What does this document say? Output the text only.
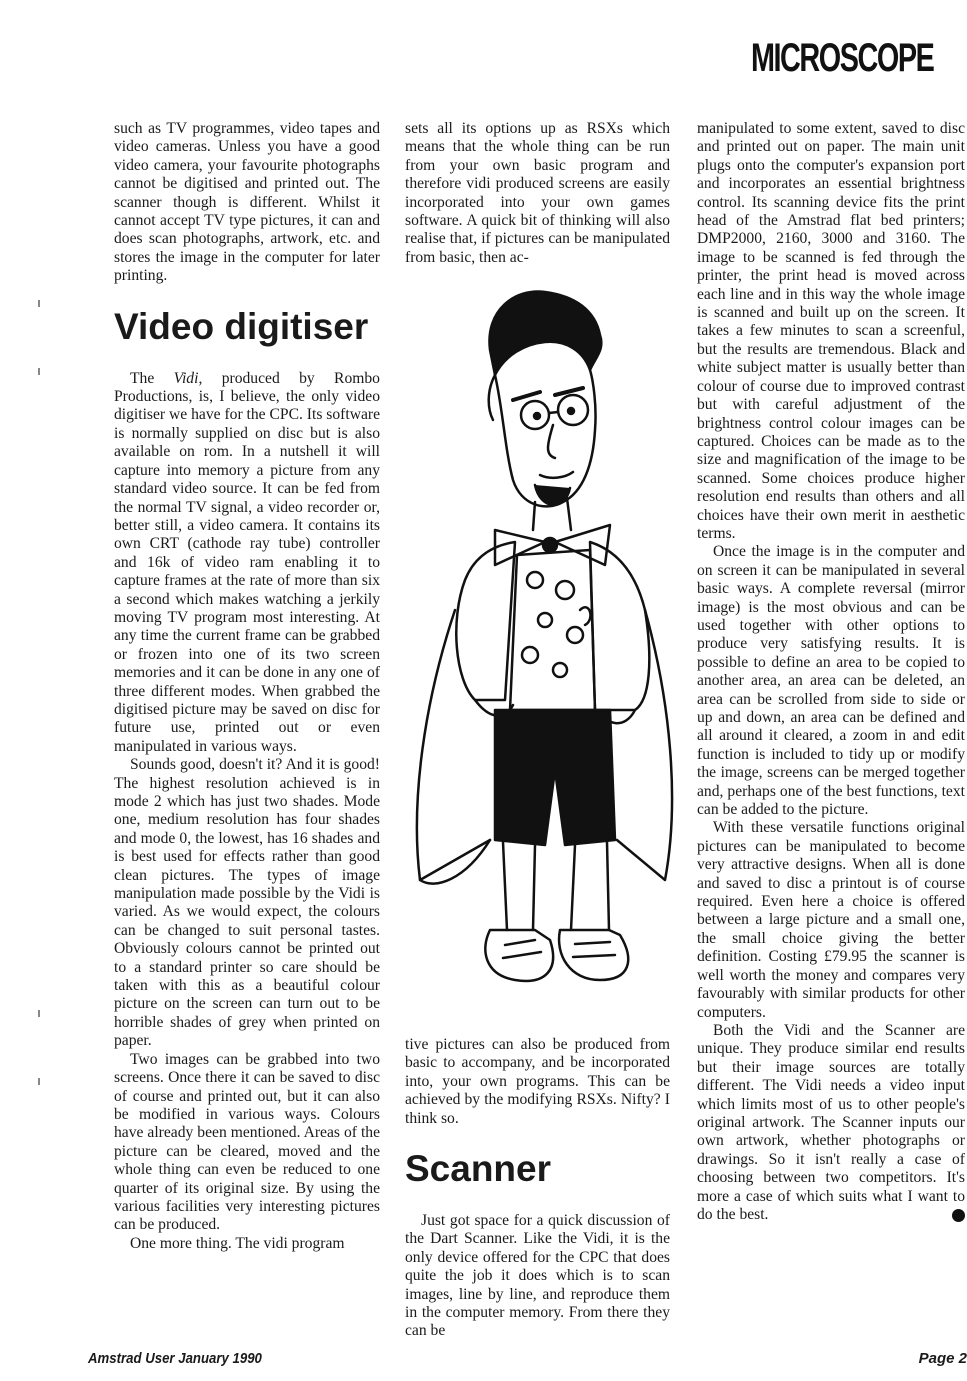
MICROSCOPE

such as TV programmes, video tapes and video cameras. Unless you have a good video camera, your favourite photographs cannot be digitised and printed out. The scanner though is different. Whilst it cannot accept TV type pictures, it can and does scan photographs, artwork, etc. and stores the image in the computer for later printing.

Video digitiser

The Vidi, produced by Rombo Productions, is, I believe, the only video digitiser we have for the CPC. Its software is normally supplied on disc but is also available on rom. In a nutshell it will capture into memory a picture from any standard video source. It can be fed from the normal TV signal, a video recorder or, better still, a video camera. It contains its own CRT (cathode ray tube) controller and 16k of video ram enabling it to capture frames at the rate of more than six a second which makes watching a jerkily moving TV program most interesting. At any time the current frame can be grabbed or frozen into one of its two screen memories and it can be done in any one of three different modes. When grabbed the digitised picture may be saved on disc for future use, printed out or even manipulated in various ways.

Sounds good, doesn't it? And it is good! The highest resolution achieved is in mode 2 which has just two shades. Mode one, medium resolution has four shades and mode 0, the lowest, has 16 shades and is best used for effects rather than good clean pictures. The types of image manipulation made possible by the Vidi is varied. As we would expect, the colours can be changed to suit personal tastes. Obviously colours cannot be printed out to a standard printer so care should be taken with this as a beautiful colour picture on the screen can turn out to be horrible shades of grey when printed on paper.

Two images can be grabbed into two screens. Once there it can be saved to disc of course and printed out, but it can also be modified in various ways. Colours have already been mentioned. Areas of the picture can be cleared, moved and the whole thing can even be reduced to one quarter of its original size. By using the various facilities very interesting pictures can be produced.

One more thing. The vidi program

sets all its options up as RSXs which means that the whole thing can be run from your own basic program and therefore vidi produced screens are easily incorporated into your own games software. A quick bit of thinking will also realise that, if pictures can be manipulated from basic, then ac-

tive pictures can also be produced from basic to accompany, and be incorporated into, your own programs. This can be achieved by the modifying RSXs. Nifty? I think so.

Scanner

Just got space for a quick discussion of the Dart Scanner. Like the Vidi, it is the only device offered for the CPC that does quite the job it does which is to scan images, line by line, and reproduce them in the computer memory. From there they can be

manipulated to some extent, saved to disc and printed out on paper. The main unit plugs onto the computer's expansion port and incorporates an essential brightness control. Its scanning device fits the print head of the Amstrad flat bed printers; DMP2000, 2160, 3000 and 3160. The image to be scanned is fed through the printer, the print head is moved across each line and in this way the whole image is scanned and built up on the screen. It takes a few minutes to scan a screenful, but the results are tremendous. Black and white subject matter is usually better than colour of course due to improved contrast but with careful adjustment of the brightness control colour images can be captured. Choices can be made as to the size and magnification of the image to be scanned. Some choices produce higher resolution end results than others and all choices have their own merit in aesthetic terms.

Once the image is in the computer and on screen it can be manipulated in several basic ways. A complete reversal (mirror image) is the most obvious and can be used together with other options to produce very satisfying results. It is possible to define an area to be copied to another area, an area can be deleted, an area can be scrolled from side to side or up and down, an area can be defined and all around it cleared, a zoom in and edit function is included to tidy up or modify the image, screens can be merged together and, perhaps one of the best functions, text can be added to the picture.

With these versatile functions original pictures can be manipulated to become very attractive designs. When all is done and saved to disc a printout is of course required. Even here a choice is offered between a large picture and a small one, the small choice giving the better definition. Costing £79.95 the scanner is well worth the money and compares very favourably with similar products for other computers.

Both the Vidi and the Scanner are unique. They produce similar end results but their image sources are totally different. The Vidi needs a video input which limits most of us to other people's original artwork. The Scanner inputs our own artwork, whether photographs or drawings. So it isn't really a case of choosing between two competitors. It's more a case of which suits what I want to do the best.

Amstrad User January 1990	Page 2
